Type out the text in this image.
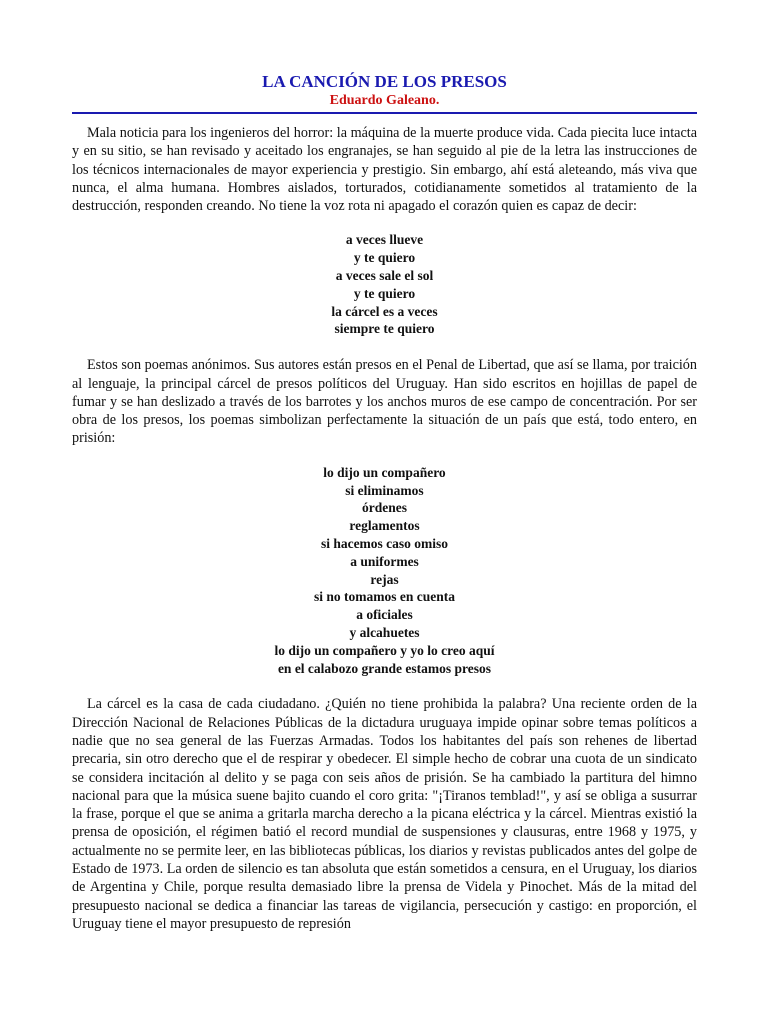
LA CANCIÓN DE LOS PRESOS
Eduardo Galeano.

Mala noticia para los ingenieros del horror: la máquina de la muerte produce vida. Cada piecita luce intacta y en su sitio, se han revisado y aceitado los engranajes, se han seguido al pie de la letra las instrucciones de los técnicos internacionales de mayor experiencia y prestigio. Sin embargo, ahí está aleteando, más viva que nunca, el alma humana. Hombres aislados, torturados, cotidianamente sometidos al tratamiento de la destrucción, responden creando. No tiene la voz rota ni apagado el corazón quien es capaz de decir:

a veces llueve
y te quiero
a veces sale el sol
y te quiero
la cárcel es a veces
siempre te quiero

Estos son poemas anónimos. Sus autores están presos en el Penal de Libertad, que así se llama, por traición al lenguaje, la principal cárcel de presos políticos del Uruguay. Han sido escritos en hojillas de papel de fumar y se han deslizado a través de los barrotes y los anchos muros de ese campo de concentración. Por ser obra de los presos, los poemas simbolizan perfectamente la situación de un país que está, todo entero, en prisión:

lo dijo un compañero
si eliminamos
órdenes
reglamentos
si hacemos caso omiso
a uniformes
rejas
si no tomamos en cuenta
a oficiales
y alcahuetes
lo dijo un compañero y yo lo creo aquí
en el calabozo grande estamos presos

La cárcel es la casa de cada ciudadano. ¿Quién no tiene prohibida la palabra? Una reciente orden de la Dirección Nacional de Relaciones Públicas de la dictadura uruguaya impide opinar sobre temas políticos a nadie que no sea general de las Fuerzas Armadas. Todos los habitantes del país son rehenes de libertad precaria, sin otro derecho que el de respirar y obedecer. El simple hecho de cobrar una cuota de un sindicato se considera incitación al delito y se paga con seis años de prisión. Se ha cambiado la partitura del himno nacional para que la música suene bajito cuando el coro grita: "¡Tiranos temblad!", y así se obliga a susurrar la frase, porque el que se anima a gritarla marcha derecho a la picana eléctrica y la cárcel. Mientras existió la prensa de oposición, el régimen batió el record mundial de suspensiones y clausuras, entre 1968 y 1975, y actualmente no se permite leer, en las bibliotecas públicas, los diarios y revistas publicados antes del golpe de Estado de 1973. La orden de silencio es tan absoluta que están sometidos a censura, en el Uruguay, los diarios de Argentina y Chile, porque resulta demasiado libre la prensa de Videla y Pinochet. Más de la mitad del presupuesto nacional se dedica a financiar las tareas de vigilancia, persecución y castigo: en proporción, el Uruguay tiene el mayor presupuesto de represión
